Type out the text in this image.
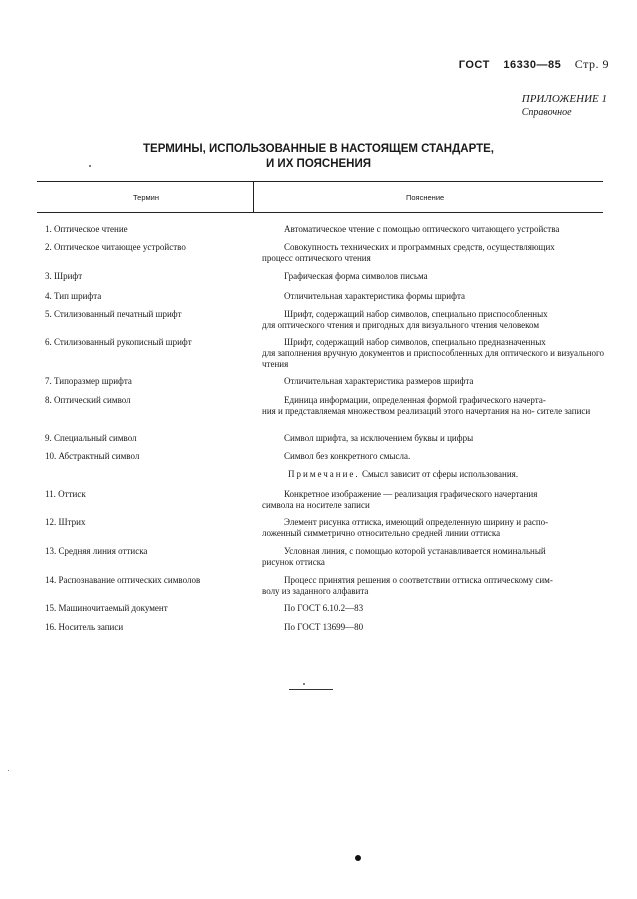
ГОСТ 16330—85 Стр. 9
ПРИЛОЖЕНИЕ 1
Справочное
ТЕРМИНЫ, ИСПОЛЬЗОВАННЫЕ В НАСТОЯЩЕМ СТАНДАРТЕ,
И ИХ ПОЯСНЕНИЯ
Термин	Пояснение
1. Оптическое чтение	Автоматическое чтение с помощью оптического читающего устройства
2. Оптическое читающее устройство	Совокупность технических и программных средств, осуществляющих
процесс оптического чтения
3. Шрифт	Графическая форма символов письма
4. Тип шрифта	Отличительная характеристика формы шрифта
5. Стилизованный печатный шрифт	Шрифт, содержащий набор символов, специально приспособленных
для оптического чтения и пригодных для визуального чтения человеком
6. Стилизованный рукописный шрифт	Шрифт, содержащий набор символов, специально предназначенных
для заполнения вручную документов и приспособленных для оптического и визуального чтения
7. Типоразмер шрифта	Отличительная характеристика размеров шрифта
8. Оптический символ	Единица информации, определенная формой графического начерта-
ния и представляемая множеством реализаций этого начертания на но- сителе записи
9. Специальный символ	Символ шрифта, за исключением буквы и цифры
10. Абстрактный символ	Символ без конкретного смысла.
Примечание. Смысл зависит от сферы использования.
11. Оттиск	Конкретное изображение — реализация графического начертания
символа на носителе записи
12. Штрих	Элемент рисунка оттиска, имеющий определенную ширину и распо-
ложенный симметрично относительно средней линии оттиска
13. Средняя линия оттиска	Условная линия, с помощью которой устанавливается номинальный
рисунок оттиска
14. Распознавание оптических символов	Процесс принятия решения о соответствии оттиска оптическому сим-
волу из заданного алфавита
15. Машиночитаемый документ	По ГОСТ 6.10.2—83
16. Носитель записи	По ГОСТ 13699—80
